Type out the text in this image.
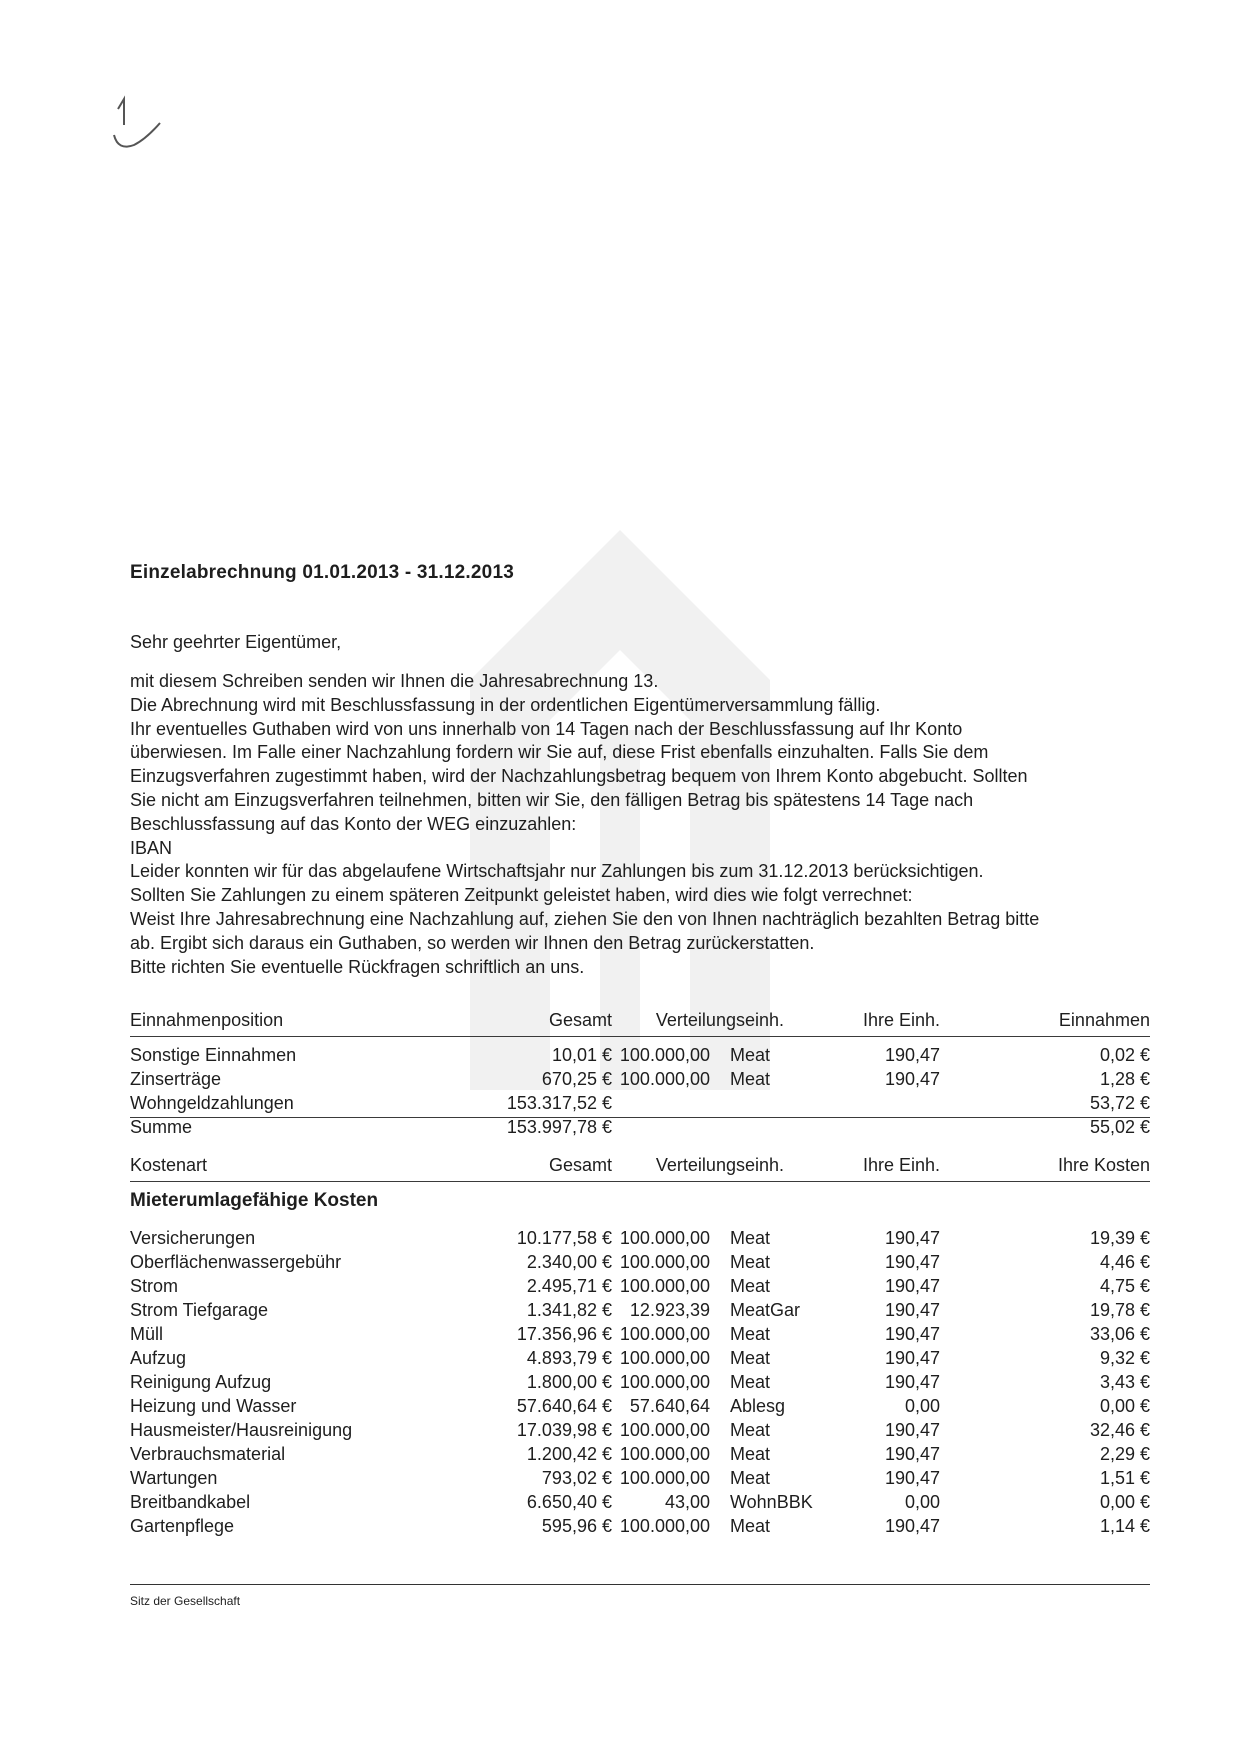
Einzelabrechnung 01.01.2013 - 31.12.2013
Sehr geehrter Eigentümer,
mit diesem Schreiben senden wir Ihnen die Jahresabrechnung 13.
Die Abrechnung wird mit Beschlussfassung in der ordentlichen Eigentümerversammlung fällig.
Ihr eventuelles Guthaben wird von uns innerhalb von 14 Tagen nach der Beschlussfassung auf Ihr Konto
überwiesen. Im Falle einer Nachzahlung fordern wir Sie auf, diese Frist ebenfalls einzuhalten. Falls Sie dem
Einzugsverfahren zugestimmt haben, wird der Nachzahlungsbetrag bequem von Ihrem Konto abgebucht. Sollten
Sie nicht am Einzugsverfahren teilnehmen, bitten wir Sie, den fälligen Betrag bis spätestens 14 Tage nach
Beschlussfassung auf das Konto der WEG einzuzahlen:
IBAN
Leider konnten wir für das abgelaufene Wirtschaftsjahr nur Zahlungen bis zum 31.12.2013 berücksichtigen.
Sollten Sie Zahlungen zu einem späteren Zeitpunkt geleistet haben, wird dies wie folgt verrechnet:
Weist Ihre Jahresabrechnung eine Nachzahlung auf, ziehen Sie den von Ihnen nachträglich bezahlten Betrag bitte
ab. Ergibt sich daraus ein Guthaben, so werden wir Ihnen den Betrag zurückerstatten.
Bitte richten Sie eventuelle Rückfragen schriftlich an uns.
Einnahmenposition	Gesamt Verteilungseinh.	Ihre Einh.	Einnahmen
Sonstige Einnahmen	10,01 € 100.000,00 Meat	190,47	0,02 €
Zinserträge	670,25 € 100.000,00 Meat	190,47	1,28 €
Wohngeldzahlungen	153.317,52 €	53,72 €
Summe	153.997,78 €	55,02 €
Kostenart	Gesamt Verteilungseinh.	Ihre Einh.	Ihre Kosten
Mieterumlagefähige Kosten
Versicherungen	10.177,58 € 100.000,00 Meat	190,47	19,39 €
Oberflächenwassergebühr	2.340,00 € 100.000,00 Meat	190,47	4,46 €
Strom	2.495,71 € 100.000,00 Meat	190,47	4,75 €
Strom Tiefgarage	1.341,82 € 12.923,39 MeatGar	190,47	19,78 €
Müll	17.356,96 € 100.000,00 Meat	190,47	33,06 €
Aufzug	4.893,79 € 100.000,00 Meat	190,47	9,32 €
Reinigung Aufzug	1.800,00 € 100.000,00 Meat	190,47	3,43 €
Heizung und Wasser	57.640,64 € 57.640,64 Ablesg	0,00	0,00 €
Hausmeister/Hausreinigung	17.039,98 € 100.000,00 Meat	190,47	32,46 €
Verbrauchsmaterial	1.200,42 € 100.000,00 Meat	190,47	2,29 €
Wartungen	793,02 € 100.000,00 Meat	190,47	1,51 €
Breitbandkabel	6.650,40 €	43,00 WohnBBK	0,00	0,00 €
Gartenpflege	595,96 € 100.000,00 Meat	190,47	1,14 €
Sitz der Gesellschaft
